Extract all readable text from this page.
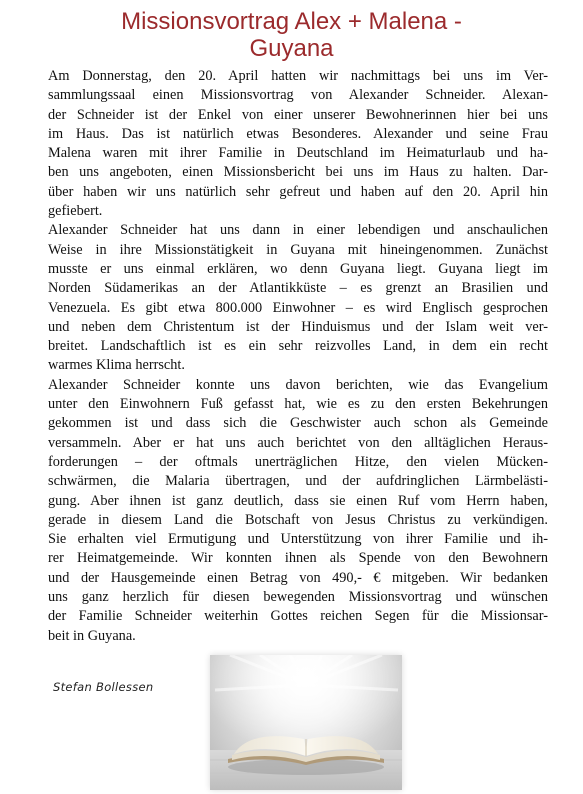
Missionsvortrag Alex + Malena -
Guyana
Am Donnerstag, den 20. April hatten wir nachmittags bei uns im Ver-
sammlungssaal einen Missionsvortrag von Alexander Schneider. Alexan-
der Schneider ist der Enkel von einer unserer Bewohnerinnen hier bei uns
im Haus. Das ist natürlich etwas Besonderes. Alexander und seine Frau
Malena waren mit ihrer Familie in Deutschland im Heimaturlaub und ha-
ben uns angeboten, einen Missionsbericht bei uns im Haus zu halten. Dar-
über haben wir uns natürlich sehr gefreut und haben auf den 20. April hin
gefiebert.
Alexander Schneider hat uns dann in einer lebendigen und anschaulichen
Weise in ihre Missionstätigkeit in Guyana mit hineingenommen. Zunächst
musste er uns einmal erklären, wo denn Guyana liegt. Guyana liegt im
Norden Südamerikas an der Atlantikküste – es grenzt an Brasilien und
Venezuela. Es gibt etwa 800.000 Einwohner – es wird Englisch gesprochen
und neben dem Christentum ist der Hinduismus und der Islam weit ver-
breitet. Landschaftlich ist es ein sehr reizvolles Land, in dem ein recht
warmes Klima herrscht.
Alexander Schneider konnte uns davon berichten, wie das Evangelium
unter den Einwohnern Fuß gefasst hat, wie es zu den ersten Bekehrungen
gekommen ist und dass sich die Geschwister auch schon als Gemeinde
versammeln. Aber er hat uns auch berichtet von den alltäglichen Heraus-
forderungen – der oftmals unerträglichen Hitze, den vielen Mücken-
schwärmen, die Malaria übertragen, und der aufdringlichen Lärmbelästi-
gung. Aber ihnen ist ganz deutlich, dass sie einen Ruf vom Herrn haben,
gerade in diesem Land die Botschaft von Jesus Christus zu verkündigen.
Sie erhalten viel Ermutigung und Unterstützung von ihrer Familie und ih-
rer Heimatgemeinde. Wir konnten ihnen als Spende von den Bewohnern
und der Hausgemeinde einen Betrag von 490,- € mitgeben. Wir bedanken
uns ganz herzlich für diesen bewegenden Missionsvortrag und wünschen
der Familie Schneider weiterhin Gottes reichen Segen für die Missionsar-
beit in Guyana.
Stefan Bollessen
